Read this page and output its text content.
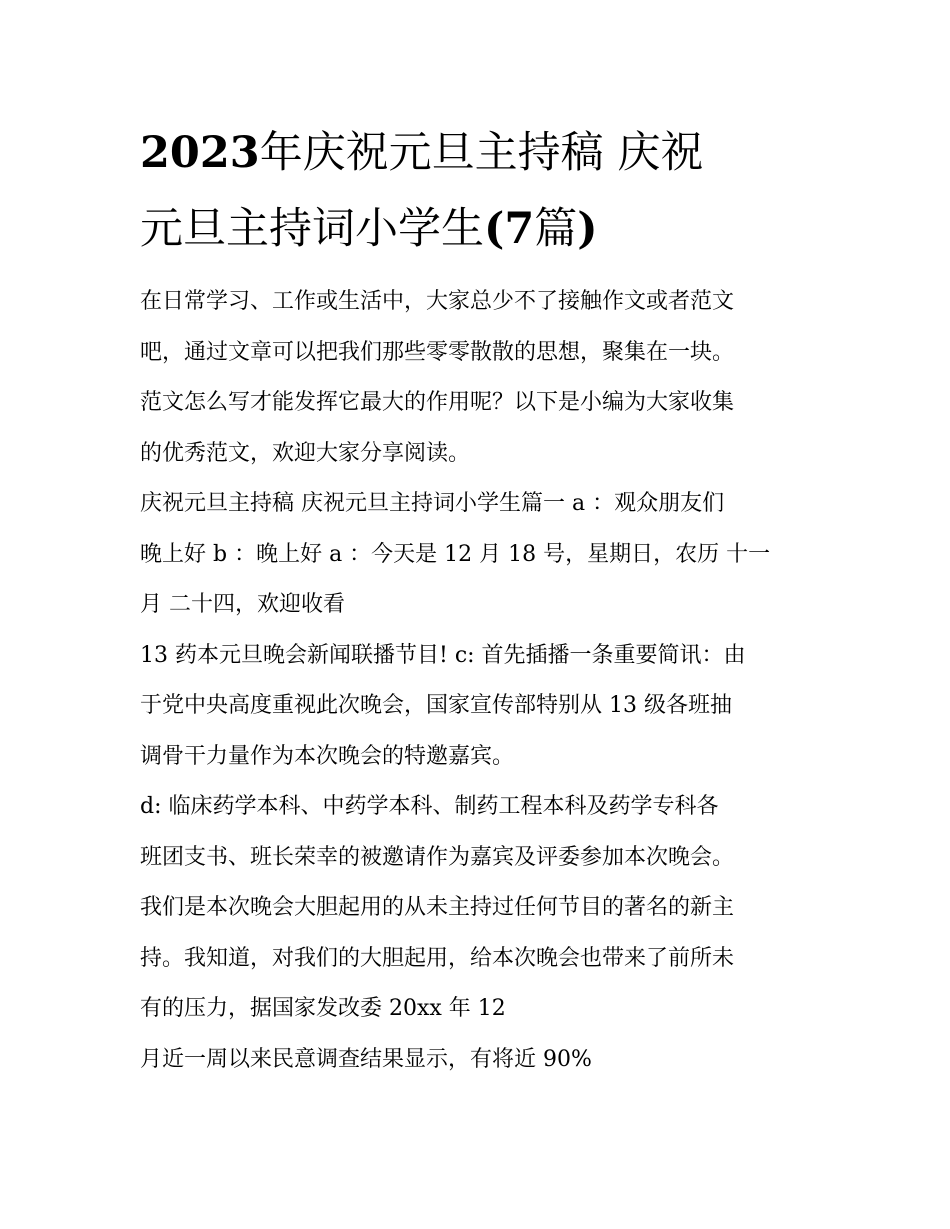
2023年庆祝元旦主持稿 庆祝
元旦主持词小学生(7篇)
在日常学习、工作或生活中，大家总少不了接触作文或者范文
吧，通过文章可以把我们那些零零散散的思想，聚集在一块。
范文怎么写才能发挥它最大的作用呢？以下是小编为大家收集
的优秀范文，欢迎大家分享阅读。
庆祝元旦主持稿 庆祝元旦主持词小学生篇一 a ：观众朋友们
晚上好 b ：晚上好 a ：今天是 12 月 18 号，星期日，农历 十一
月 二十四，欢迎收看
13 药本元旦晚会新闻联播节目! c: 首先插播一条重要简讯：由
于党中央高度重视此次晚会，国家宣传部特别从 13 级各班抽
调骨干力量作为本次晚会的特邀嘉宾。
d: 临床药学本科、中药学本科、制药工程本科及药学专科各
班团支书、班长荣幸的被邀请作为嘉宾及评委参加本次晚会。
我们是本次晚会大胆起用的从未主持过任何节目的著名的新主
持。我知道，对我们的大胆起用，给本次晚会也带来了前所未
有的压力，据国家发改委 20xx 年 12
月近一周以来民意调查结果显示，有将近 90%
